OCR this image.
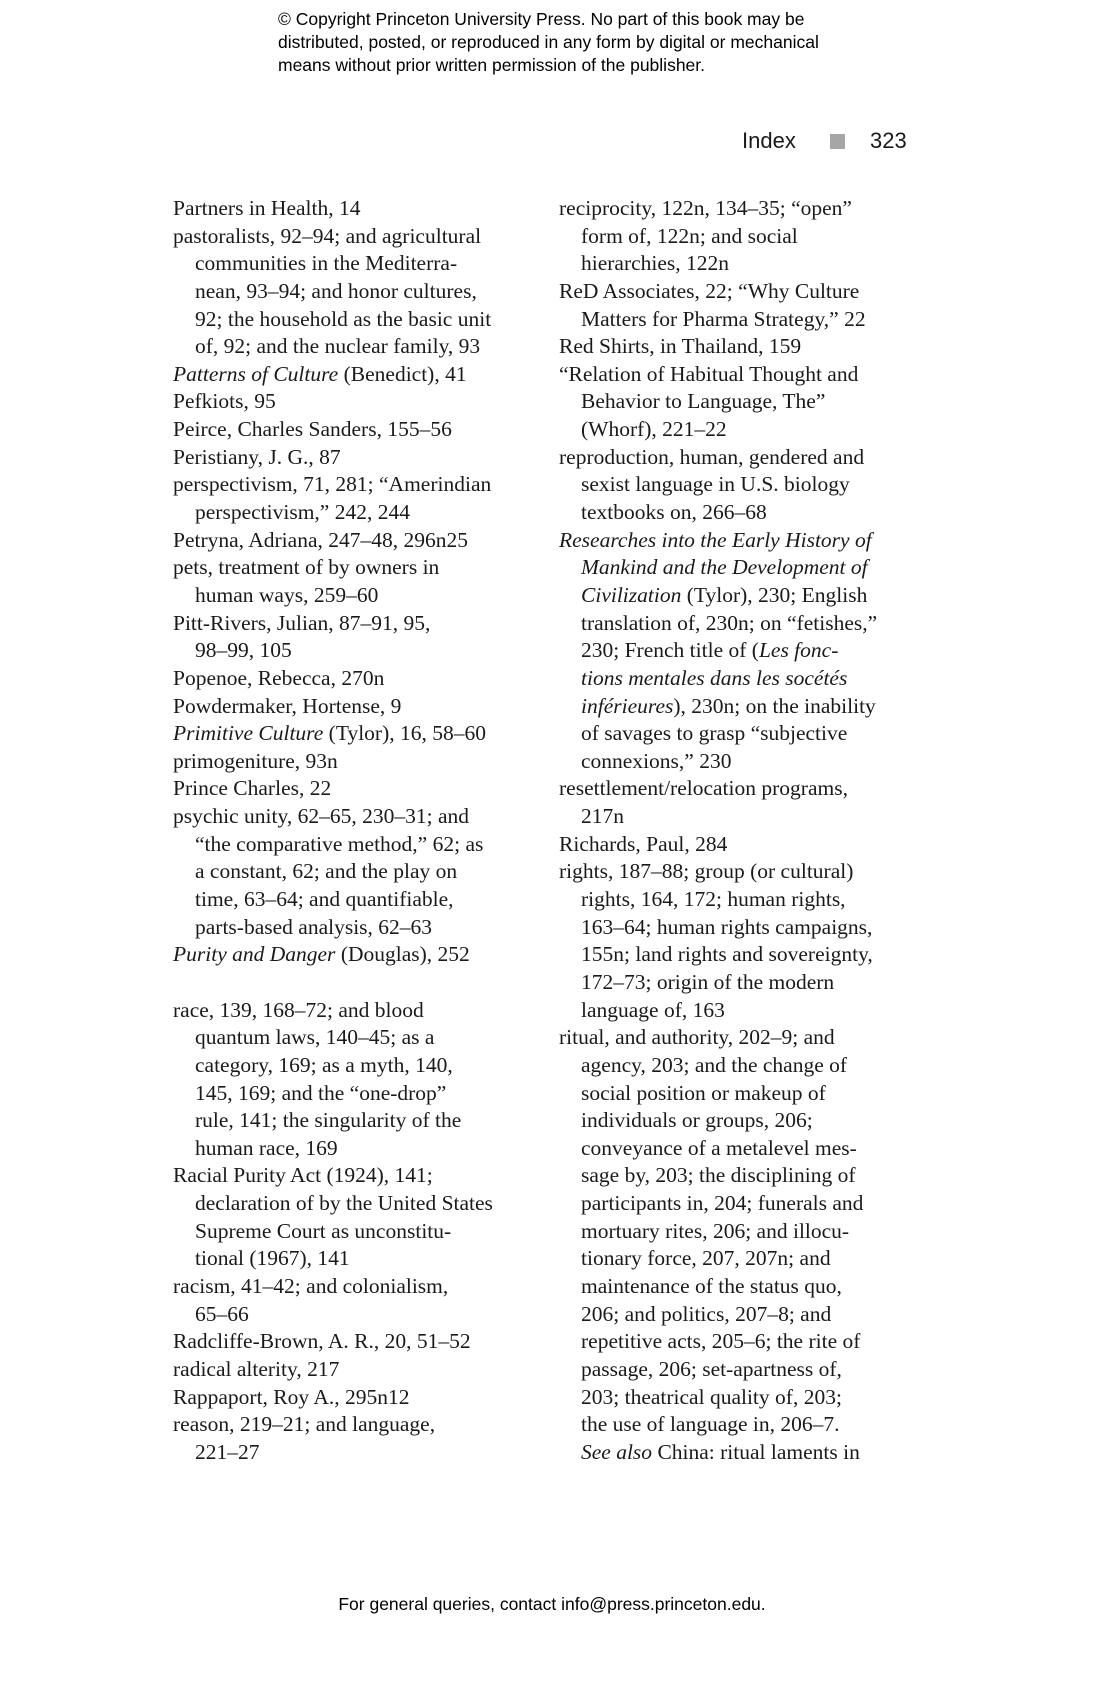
© Copyright Princeton University Press. No part of this book may be
distributed, posted, or reproduced in any form by digital or mechanical
means without prior written permission of the publisher.
Index	323
Partners in Health, 14
pastoralists, 92–94; and agricultural
communities in the Mediterra-
nean, 93–94; and honor cultures,
92; the household as the basic unit
of, 92; and the nuclear family, 93
Patterns of Culture (Benedict), 41
Pefkiots, 95
Peirce, Charles Sanders, 155–56
Peristiany, J. G., 87
perspectivism, 71, 281; “Amerindian
perspectivism,” 242, 244
Petryna, Adriana, 247–48, 296n25
pets, treatment of by owners in
human ways, 259–60
Pitt-Rivers, Julian, 87–91, 95,
98–99, 105
Popenoe, Rebecca, 270n
Powdermaker, Hortense, 9
Primitive Culture (Tylor), 16, 58–60
primogeniture, 93n
Prince Charles, 22
psychic unity, 62–65, 230–31; and
“the comparative method,” 62; as
a constant, 62; and the play on
time, 63–64; and quantifiable,
parts-based analysis, 62–63
Purity and Danger (Douglas), 252
race, 139, 168–72; and blood
quantum laws, 140–45; as a
category, 169; as a myth, 140,
145, 169; and the “one-drop”
rule, 141; the singularity of the
human race, 169
Racial Purity Act (1924), 141;
declaration of by the United States
Supreme Court as unconstitu-
tional (1967), 141
racism, 41–42; and colonialism,
65–66
Radcliffe-Brown, A. R., 20, 51–52
radical alterity, 217
Rappaport, Roy A., 295n12
reason, 219–21; and language,
221–27
reciprocity, 122n, 134–35; “open”
form of, 122n; and social
hierarchies, 122n
ReD Associates, 22; “Why Culture
Matters for Pharma Strategy,” 22
Red Shirts, in Thailand, 159
“Relation of Habitual Thought and
Behavior to Language, The”
(Whorf), 221–22
reproduction, human, gendered and
sexist language in U.S. biology
textbooks on, 266–68
Researches into the Early History of
Mankind and the Development of
Civilization (Tylor), 230; English
translation of, 230n; on “fetishes,”
230; French title of (Les fonc-
tions mentales dans les socétés
inférieures), 230n; on the inability
of savages to grasp “subjective
connexions,” 230
resettlement/relocation programs,
217n
Richards, Paul, 284
rights, 187–88; group (or cultural)
rights, 164, 172; human rights,
163–64; human rights campaigns,
155n; land rights and sovereignty,
172–73; origin of the modern
language of, 163
ritual, and authority, 202–9; and
agency, 203; and the change of
social position or makeup of
individuals or groups, 206;
conveyance of a metalevel mes-
sage by, 203; the disciplining of
participants in, 204; funerals and
mortuary rites, 206; and illocu-
tionary force, 207, 207n; and
maintenance of the status quo,
206; and politics, 207–8; and
repetitive acts, 205–6; the rite of
passage, 206; set-apartness of,
203; theatrical quality of, 203;
the use of language in, 206–7.
See also China: ritual laments in
For general queries, contact info@press.princeton.edu.
